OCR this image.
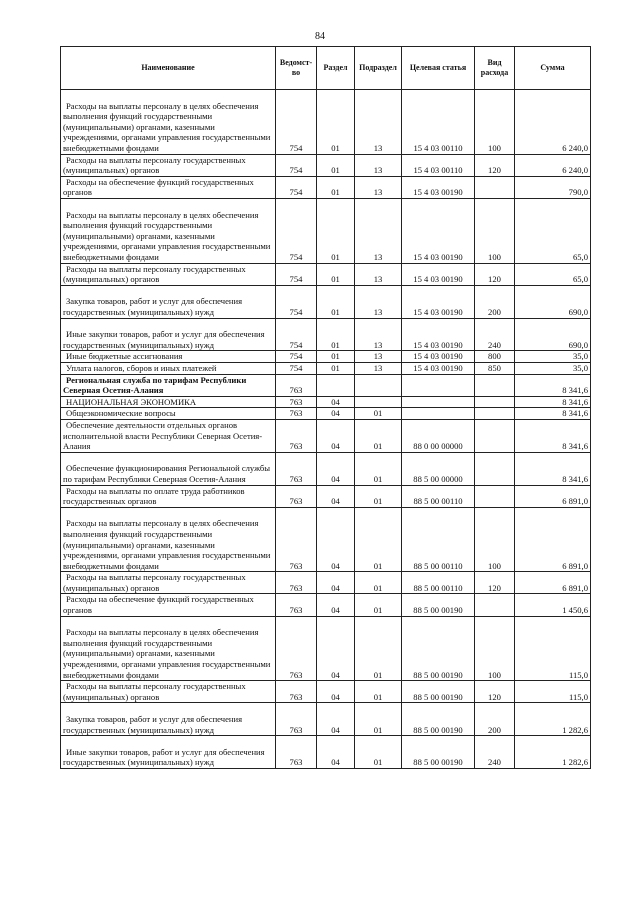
84
Наименование	Ведомст-во	Раздел	Подраздел	Целевая статья	Вид расхода	Сумма
Расходы на выплаты персоналу в целях обеспечения выполнения функций государственными (муниципальными) органами, казенными учреждениями, органами управления государственными внебюджетными фондами	754	01	13	15 4 03 00110	100	6 240,0
Расходы на выплаты персоналу государственных (муниципальных) органов	754	01	13	15 4 03 00110	120	6 240,0
Расходы на обеспечение функций государственных органов	754	01	13	15 4 03 00190		790,0
Расходы на выплаты персоналу в целях обеспечения выполнения функций государственными (муниципальными) органами, казенными учреждениями, органами управления государственными внебюджетными фондами	754	01	13	15 4 03 00190	100	65,0
Расходы на выплаты персоналу государственных (муниципальных) органов	754	01	13	15 4 03 00190	120	65,0
Закупка товаров, работ и услуг для обеспечения государственных (муниципальных) нужд	754	01	13	15 4 03 00190	200	690,0
Иные закупки товаров, работ и услуг для обеспечения государственных (муниципальных) нужд	754	01	13	15 4 03 00190	240	690,0
Иные бюджетные ассигнования	754	01	13	15 4 03 00190	800	35,0
Уплата налогов, сборов и иных платежей	754	01	13	15 4 03 00190	850	35,0
Региональная служба по тарифам Республики Северная Осетия-Алания	763					8 341,6
НАЦИОНАЛЬНАЯ ЭКОНОМИКА	763	04				8 341,6
Общеэкономические вопросы	763	04	01			8 341,6
Обеспечение деятельности отдельных органов исполнительной власти Республики Северная Осетия-Алания	763	04	01	88 0 00 00000		8 341,6
Обеспечение функционирования Региональной службы по тарифам Республики Северная Осетия-Алания	763	04	01	88 5 00 00000		8 341,6
Расходы на выплаты по оплате труда работников государственных органов	763	04	01	88 5 00 00110		6 891,0
Расходы на выплаты персоналу в целях обеспечения выполнения функций государственными (муниципальными) органами, казенными учреждениями, органами управления государственными внебюджетными фондами	763	04	01	88 5 00 00110	100	6 891,0
Расходы на выплаты персоналу государственных (муниципальных) органов	763	04	01	88 5 00 00110	120	6 891,0
Расходы на обеспечение функций государственных органов	763	04	01	88 5 00 00190		1 450,6
Расходы на выплаты персоналу в целях обеспечения выполнения функций государственными (муниципальными) органами, казенными учреждениями, органами управления государственными внебюджетными фондами	763	04	01	88 5 00 00190	100	115,0
Расходы на выплаты персоналу государственных (муниципальных) органов	763	04	01	88 5 00 00190	120	115,0
Закупка товаров, работ и услуг для обеспечения государственных (муниципальных) нужд	763	04	01	88 5 00 00190	200	1 282,6
Иные закупки товаров, работ и услуг для обеспечения государственных (муниципальных) нужд	763	04	01	88 5 00 00190	240	1 282,6
